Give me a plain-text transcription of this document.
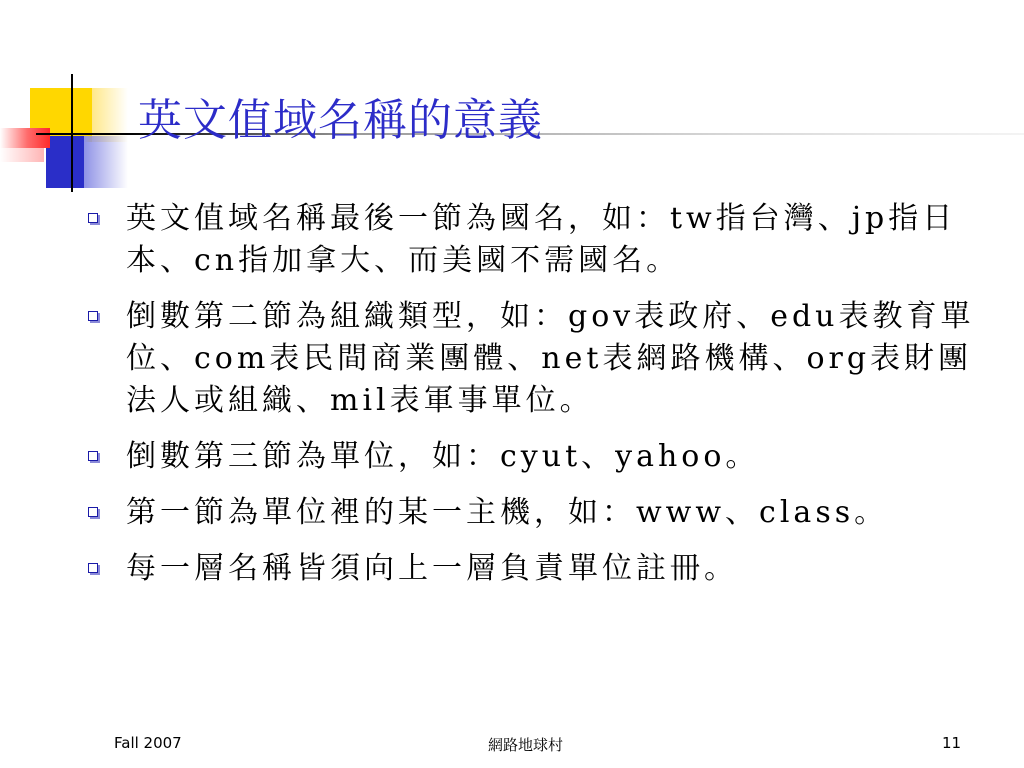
英文值域名稱的意義
英文值域名稱最後一節為國名，如：tw指台灣、jp指日本、cn指加拿大、而美國不需國名。
倒數第二節為組織類型，如：gov表政府、edu表教育單位、com表民間商業團體、net表網路機構、org表財團法人或組織、mil表軍事單位。
倒數第三節為單位，如：cyut、yahoo。
第一節為單位裡的某一主機，如：www、class。
每一層名稱皆須向上一層負責單位註冊。
Fall 2007	網路地球村	11
